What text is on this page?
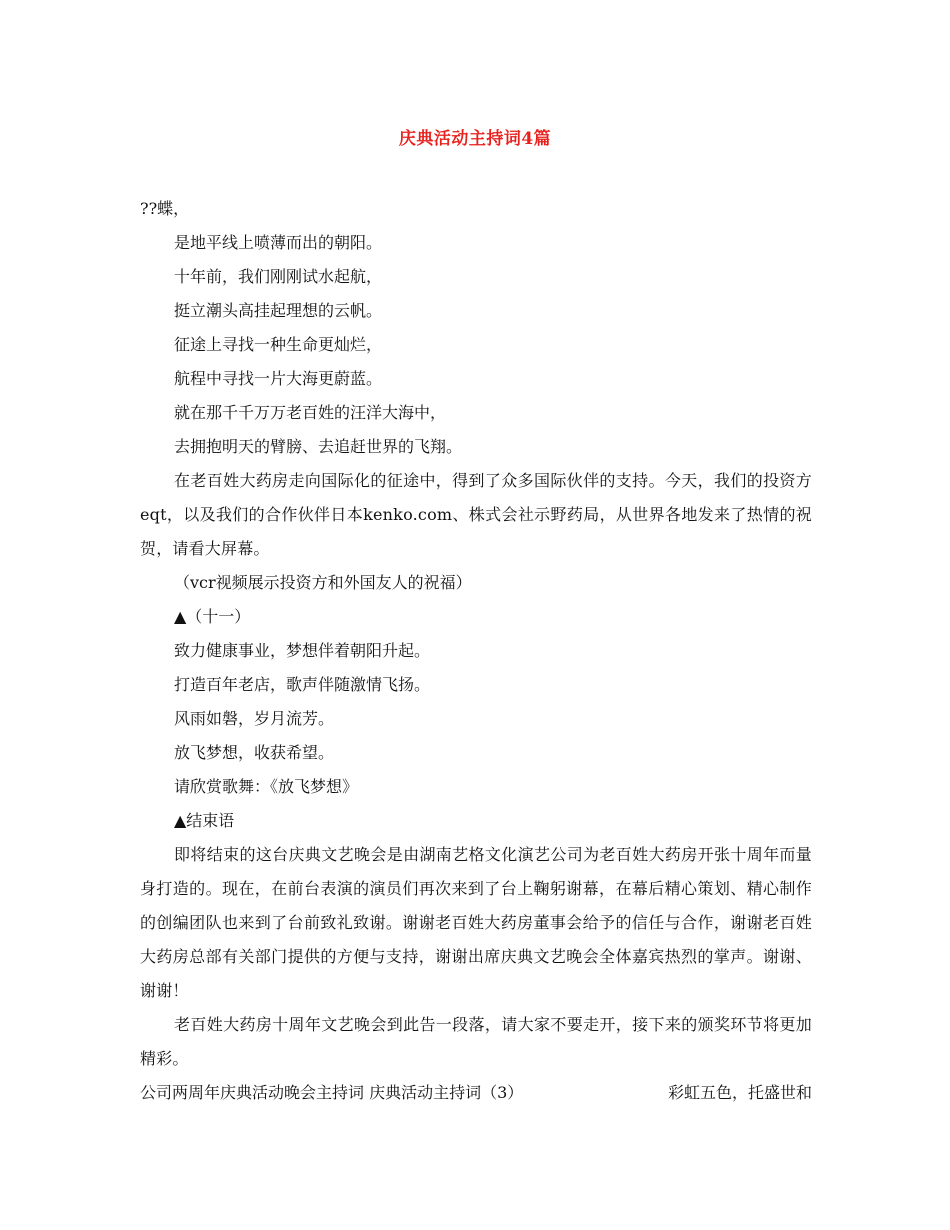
庆典活动主持词4篇
??蝶，
是地平线上喷薄而出的朝阳。
十年前，我们刚刚试水起航，
挺立潮头高挂起理想的云帆。
征途上寻找一种生命更灿烂，
航程中寻找一片大海更蔚蓝。
就在那千千万万老百姓的汪洋大海中，
去拥抱明天的臂膀、去追赶世界的飞翔。
在老百姓大药房走向国际化的征途中，得到了众多国际伙伴的支持。今天，我们的投资方eqt，以及我们的合作伙伴日本kenko.com、株式会社示野药局，从世界各地发来了热情的祝贺，请看大屏幕。
（vcr视频展示投资方和外国友人的祝福）
▲（十一）
致力健康事业，梦想伴着朝阳升起。
打造百年老店，歌声伴随激情飞扬。
风雨如磐，岁月流芳。
放飞梦想，收获希望。
请欣赏歌舞：《放飞梦想》
▲结束语
即将结束的这台庆典文艺晚会是由湖南艺格文化演艺公司为老百姓大药房开张十周年而量身打造的。现在，在前台表演的演员们再次来到了台上鞠躬谢幕，在幕后精心策划、精心制作的创编团队也来到了台前致礼致谢。谢谢老百姓大药房董事会给予的信任与合作，谢谢老百姓大药房总部有关部门提供的方便与支持，谢谢出席庆典文艺晚会全体嘉宾热烈的掌声。谢谢、谢谢！
老百姓大药房十周年文艺晚会到此告一段落，请大家不要走开，接下来的颁奖环节将更加精彩。
公司两周年庆典活动晚会主持词 庆典活动主持词（3）	彩虹五色，托盛世和
